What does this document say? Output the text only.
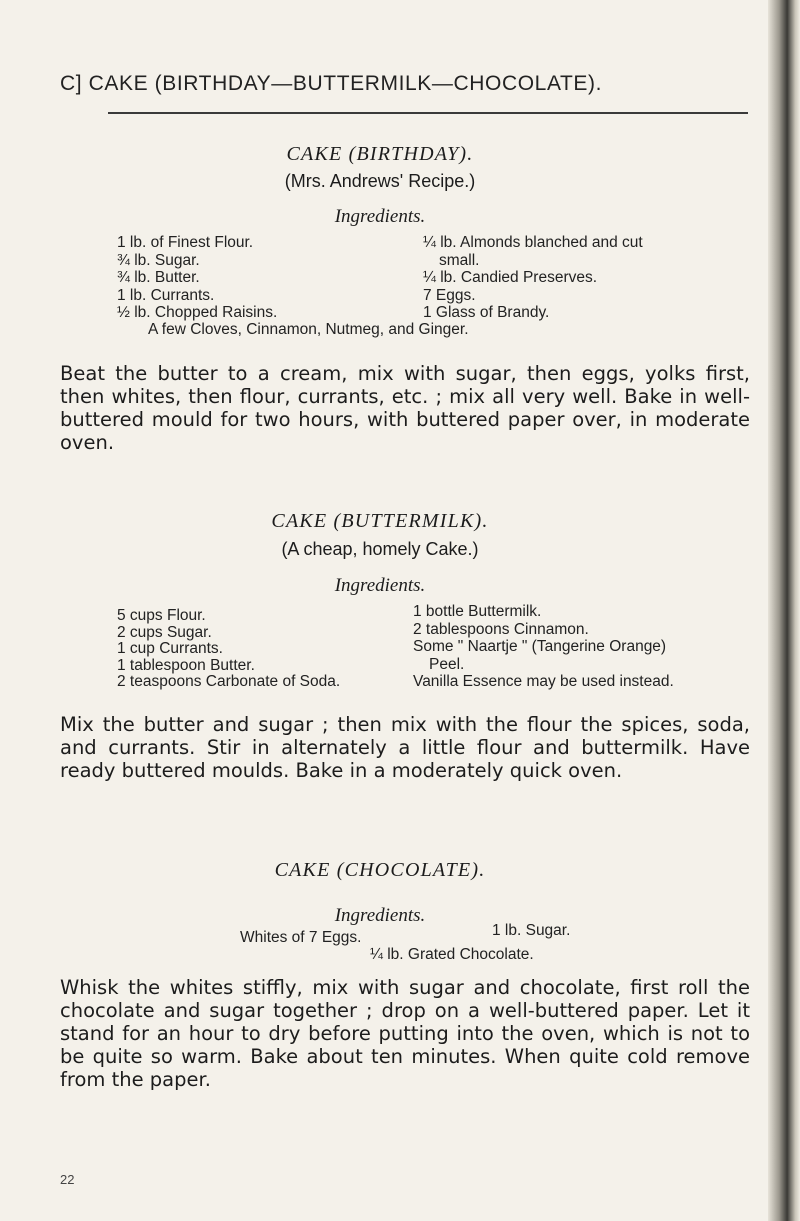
C] CAKE (BIRTHDAY—BUTTERMILK—CHOCOLATE).
CAKE (BIRTHDAY).
(Mrs. Andrews' Recipe.)
Ingredients.
1 lb. of Finest Flour.
¾ lb. Sugar.
¾ lb. Butter.
1 lb. Currants.
½ lb. Chopped Raisins.
¼ lb. Almonds blanched and cut
small.
¼ lb. Candied Preserves.
7 Eggs.
1 Glass of Brandy.
A few Cloves, Cinnamon, Nutmeg, and Ginger.
Beat the butter to a cream, mix with sugar, then eggs, yolks first, then whites, then flour, currants, etc. ; mix all very well. Bake in well-buttered mould for two hours, with buttered paper over, in moderate oven.
CAKE (BUTTERMILK).
(A cheap, homely Cake.)
Ingredients.
5 cups Flour.
2 cups Sugar.
1 cup Currants.
1 tablespoon Butter.
2 teaspoons Carbonate of Soda.
1 bottle Buttermilk.
2 tablespoons Cinnamon.
Some " Naartje " (Tangerine Orange)
Peel.
Vanilla Essence may be used instead.
Mix the butter and sugar ; then mix with the flour the spices, soda, and currants. Stir in alternately a little flour and buttermilk. Have ready buttered moulds. Bake in a moderately quick oven.
CAKE (CHOCOLATE).
Ingredients.
Whites of 7 Eggs.	1 lb. Sugar.
¼ lb. Grated Chocolate.
Whisk the whites stiffly, mix with sugar and chocolate, first roll the chocolate and sugar together ; drop on a well-buttered paper. Let it stand for an hour to dry before putting into the oven, which is not to be quite so warm. Bake about ten minutes. When quite cold remove from the paper.
22
